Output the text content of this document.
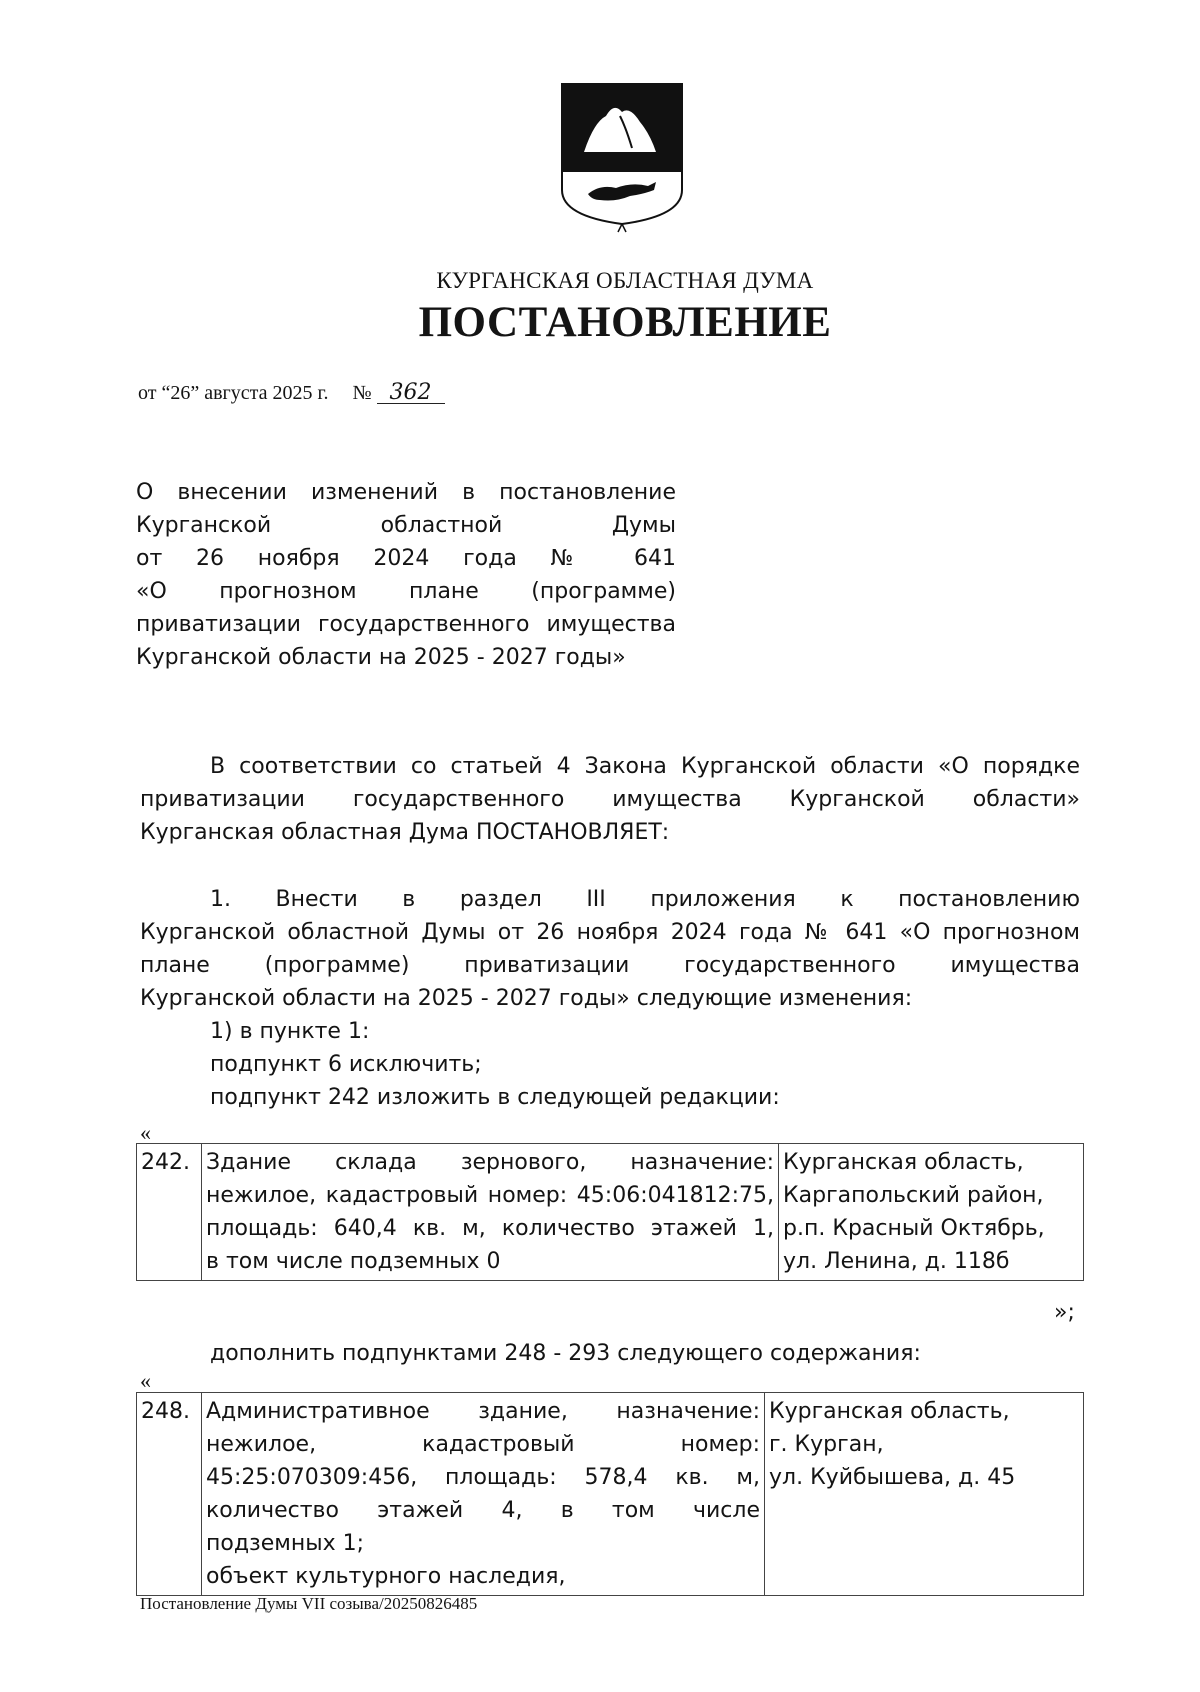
КУРГАНСКАЯ ОБЛАСТНАЯ ДУМА
ПОСТАНОВЛЕНИЕ
от “26” августа 2025 г. № 362
О внесении изменений в постановление
Курганской областной Думы
от 26 ноября 2024 года № 641
«О прогнозном плане (программе)
приватизации государственного имущества
Курганской области на 2025 - 2027 годы»
В соответствии со статьей 4 Закона Курганской области «О порядке
приватизации государственного имущества Курганской области»
Курганская областная Дума ПОСТАНОВЛЯЕТ:
1. Внести в раздел III приложения к постановлению
Курганской областной Думы от 26 ноября 2024 года № 641 «О прогнозном
плане (программе) приватизации государственного имущества
Курганской области на 2025 - 2027 годы» следующие изменения:
1) в пункте 1:
подпункт 6 исключить;
подпункт 242 изложить в следующей редакции:
«
242.	Здание склада зернового, назначение:
нежилое, кадастровый номер: 45:06:041812:75,
площадь: 640,4 кв. м, количество этажей 1,
в том числе подземных 0

Курганская область,
Каргапольский район,
р.п. Красный Октябрь,
ул. Ленина, д. 118б
»;
дополнить подпунктами 248 - 293 следующего содержания:
«
248.	Административное здание, назначение:
нежилое, кадастровый номер:
45:25:070309:456, площадь: 578,4 кв. м,
количество этажей 4, в том числе
подземных 1;
объект культурного наследия,

Курганская область,
г. Курган,
ул. Куйбышева, д. 45
Постановление Думы VII созыва/20250826485
